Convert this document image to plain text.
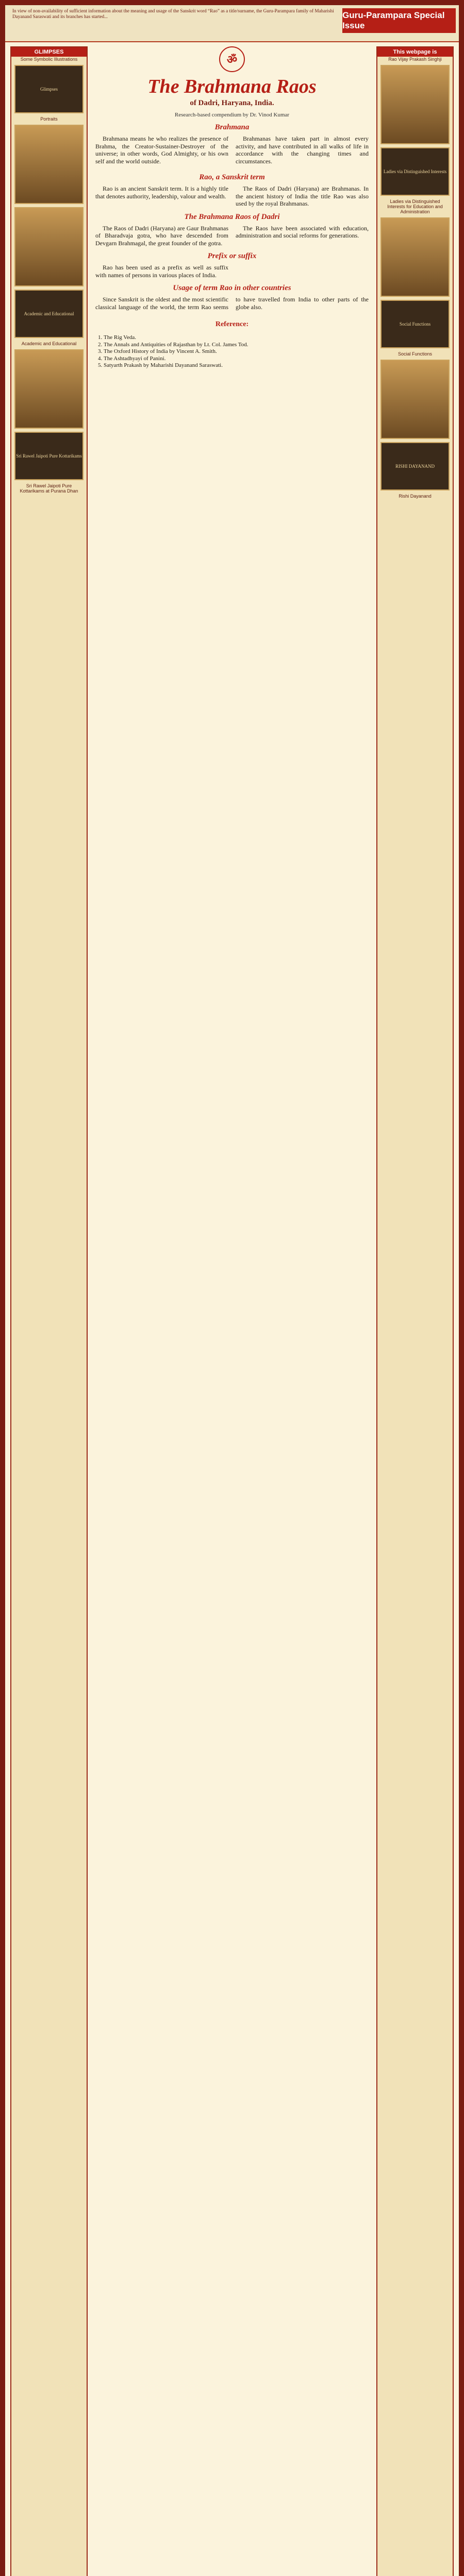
In view of non-availability of sufficient information about the meaning and usage of the Sanskrit word “Rao” as a title/surname, the Guru-Parampara family of Maharishi Dayanand Saraswati and its branches has started...	Guru-Parampara Special Issue
GLIMPSES
Some Symbolic Illustrations
Glimpses
Portraits
Academic and Educational
Academic and Educational
Sri Rawel Jaipoti Pure Kottarikams
Sri Rawel Jaipoti Pure Kottarikams at Purana Dhan
This webpage is
Rao Vijay Prakash Singhji
Ladies via Distinguished Interests
Ladies via Distinguished Interests for Education and Administration
Social Functions
Social Functions
RISHI DAYANAND
Rishi Dayanand
ॐ
The Brahmana Raos
of Dadri, Haryana, India.
Research-based compendium by Dr. Vinod Kumar
Brahmana

Brahmana means he who realizes the presence of Brahma, the Creator-Sustainer-Destroyer of the universe; in other words, God Almighty, or his own self and the world outside.

Brahmanas have taken part in almost every activity, and have contributed in all walks of life in accordance with the changing times and circumstances.

Rao, a Sanskrit term

Rao is an ancient Sanskrit term. It is a highly title that denotes authority, leadership, valour and wealth.

The Raos of Dadri (Haryana) are Brahmanas. In the ancient history of India the title Rao was also used by the royal Brahmanas.

The Brahmana Raos of Dadri

The Raos of Dadri (Haryana) are Gaur Brahmanas of Bharadvaja gotra, who have descended from Devgarn Brahmagal, the great founder of the gotra.

The Raos have been associated with education, administration and social reforms for generations.

Prefix or suffix

Rao has been used as a prefix as well as suffix with names of persons in various places of India.

Usage of term Rao in other countries

Since Sanskrit is the oldest and the most scientific classical language of the world, the term Rao seems to have travelled from India to other parts of the globe also.

Reference:
1. The Rig Veda.
2. The Annals and Antiquities of Rajasthan by Lt. Col. James Tod.
3. The Oxford History of India by Vincent A. Smith.
4. The Ashtadhyayi of Panini.
5. Satyarth Prakash by Maharishi Dayanand Saraswati.
